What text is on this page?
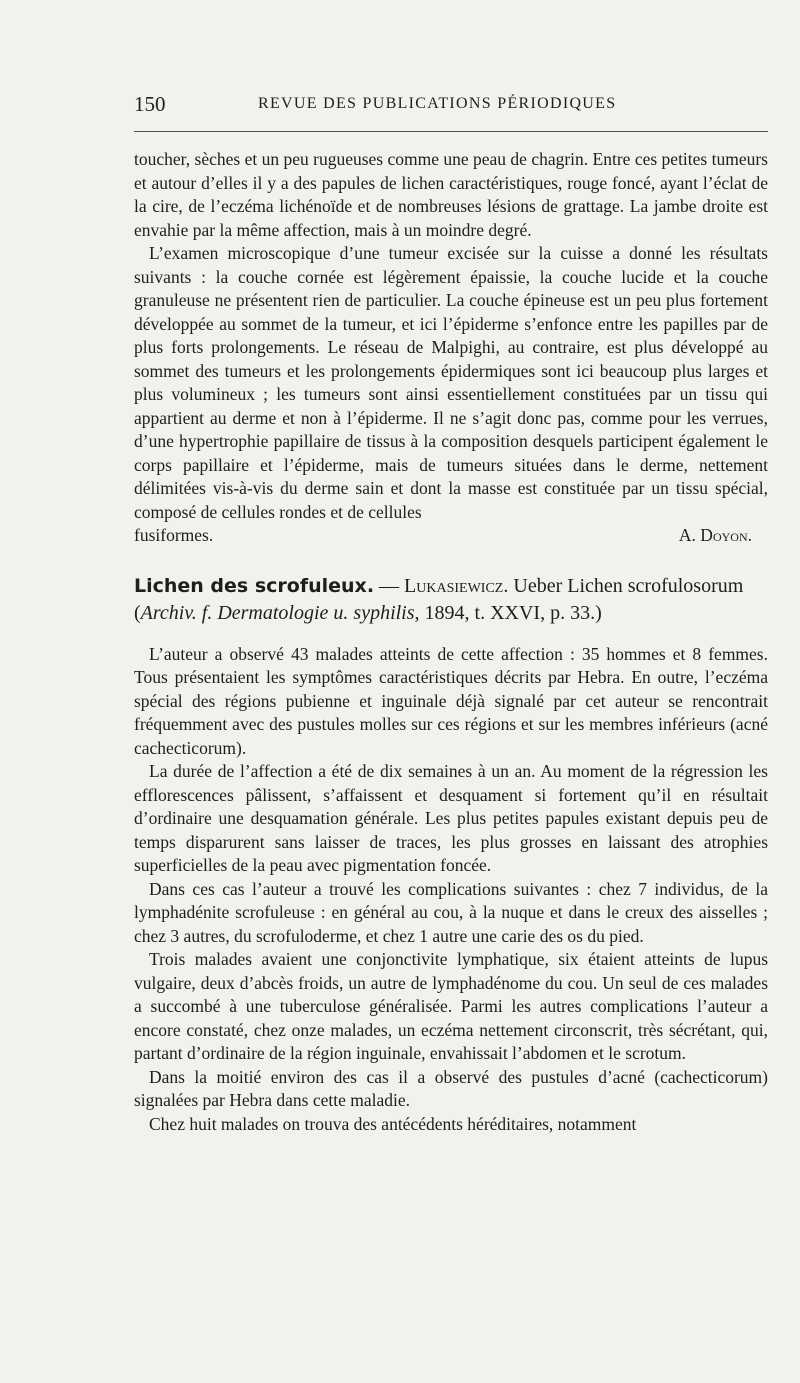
150	REVUE DES PUBLICATIONS PÉRIODIQUES

toucher, sèches et un peu rugueuses comme une peau de chagrin. Entre ces petites tumeurs et autour d’elles il y a des papules de lichen caractéristiques, rouge foncé, ayant l’éclat de la cire, de l’eczéma lichénoïde et de nombreuses lésions de grattage. La jambe droite est envahie par la même affection, mais à un moindre degré.

L’examen microscopique d’une tumeur excisée sur la cuisse a donné les résultats suivants : la couche cornée est légèrement épaissie, la couche lucide et la couche granuleuse ne présentent rien de particulier. La couche épineuse est un peu plus fortement développée au sommet de la tumeur, et ici l’épiderme s’enfonce entre les papilles par de plus forts prolongements. Le réseau de Malpighi, au contraire, est plus développé au sommet des tumeurs et les prolongements épidermiques sont ici beaucoup plus larges et plus volumineux ; les tumeurs sont ainsi essentiellement constituées par un tissu qui appartient au derme et non à l’épiderme. Il ne s’agit donc pas, comme pour les verrues, d’une hypertrophie papillaire de tissus à la composition desquels participent également le corps papillaire et l’épiderme, mais de tumeurs situées dans le derme, nettement délimitées vis-à-vis du derme sain et dont la masse est constituée par un tissu spécial, composé de cellules rondes et de cellules

fusiformes.	A. Doyon.
Lichen des scrofuleux. — Lukasiewicz. Ueber Lichen scrofulosorum
(Archiv. f. Dermatologie u. syphilis, 1894, t. XXVI, p. 33.)

L’auteur a observé 43 malades atteints de cette affection : 35 hommes et 8 femmes. Tous présentaient les symptômes caractéristiques décrits par Hebra. En outre, l’eczéma spécial des régions pubienne et inguinale déjà signalé par cet auteur se rencontrait fréquemment avec des pustules molles sur ces régions et sur les membres inférieurs (acné cachecticorum).

La durée de l’affection a été de dix semaines à un an. Au moment de la régression les efflorescences pâlissent, s’affaissent et desquament si fortement qu’il en résultait d’ordinaire une desquamation générale. Les plus petites papules existant depuis peu de temps disparurent sans laisser de traces, les plus grosses en laissant des atrophies superficielles de la peau avec pigmentation foncée.

Dans ces cas l’auteur a trouvé les complications suivantes : chez 7 individus, de la lymphadénite scrofuleuse : en général au cou, à la nuque et dans le creux des aisselles ; chez 3 autres, du scrofuloderme, et chez 1 autre une carie des os du pied.

Trois malades avaient une conjonctivite lymphatique, six étaient atteints de lupus vulgaire, deux d’abcès froids, un autre de lymphadénome du cou. Un seul de ces malades a succombé à une tuberculose généralisée. Parmi les autres complications l’auteur a encore constaté, chez onze malades, un eczéma nettement circonscrit, très sécrétant, qui, partant d’ordinaire de la région inguinale, envahissait l’abdomen et le scrotum.

Dans la moitié environ des cas il a observé des pustules d’acné (cachecticorum) signalées par Hebra dans cette maladie.

Chez huit malades on trouva des antécédents héréditaires, notamment
